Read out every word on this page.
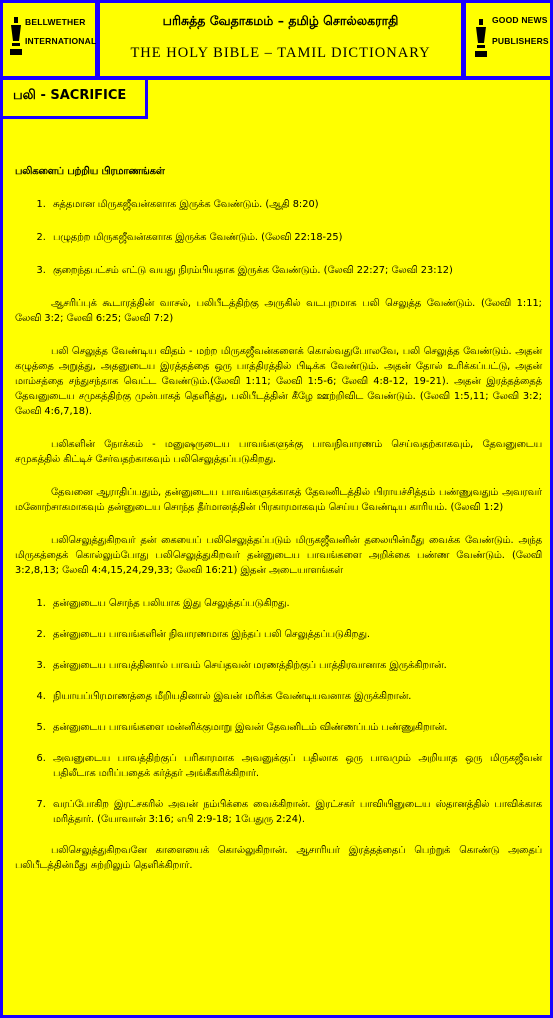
BELLWETHER
INTERNATIONAL
பரிசுத்த வேதாகமம் – தமிழ் சொல்லகராதி
THE HOLY BIBLE – TAMIL DICTIONARY
GOOD NEWS
PUBLISHERS
பலி - SACRIFICE
பலிகளைப் பற்றிய பிரமாணங்கள்
1. சுத்தமான மிருகஜீவன்களாக இருக்க வேண்டும். (ஆதி 8:20)
2. பழுதற்ற மிருகஜீவன்களாக இருக்க வேண்டும். (லேவி 22:18-25)
3. குறைந்தபட்சம் எட்டு வயது நிரம்பியதாக இருக்க வேண்டும். (லேவி 22:27; லேவி 23:12)

ஆசரிப்புக் கூடாரத்தின் வாசல், பலிபீடத்திற்கு அருகில் வடபுறமாக பலி செலுத்த வேண்டும். (லேவி 1:11; லேவி 3:2; லேவி 6:25; லேவி 7:2)

பலி செலுத்த வேண்டிய விதம் - மற்ற மிருகஜீவன்களைக் கொல்வதுபோலவே, பலி செலுத்த வேண்டும். அதன் கழுத்தை அறுத்து, அதனுடைய இரத்தத்தை ஒரு பாத்திரத்தில் பிடிக்க வேண்டும். அதன் தோல் உரிக்கப்பட்டு, அதன் மாம்சத்தை சந்துசந்தாக வெட்ட வேண்டும்.(லேவி 1:11; லேவி 1:5-6; லேவி 4:8-12, 19-21). அதன் இரத்தத்தைத் தேவனுடைய சமுகத்திற்கு முன்பாகத் தெளித்து, பலிபீடத்தின் கீழே ஊற்றிவிட வேண்டும். (லேவி 1:5,11; லேவி 3:2; லேவி 4:6,7,18).

பலிகளின் நோக்கம் - மனுஷருடைய பாவங்களுக்கு பாவநிவாரணம் செய்வதற்காகவும், தேவனுடைய சமுகத்தில் கிட்டிச் சேர்வதற்காகவும் பலிசெலுத்தப்படுகிறது.

தேவனை ஆராதிப்பதும், தன்னுடைய பாவங்களுக்காகத் தேவனிடத்தில் பிராயச்சித்தம் பண்ணுவதும் அவரவர் மனோற்சாகமாகவும் தன்னுடைய சொந்த தீர்மானத்தின் பிரகாரமாகவும் செய்ய வேண்டிய காரியம். (லேவி 1:2)

பலிசெலுத்துகிறவர் தன் கையைப் பலிசெலுத்தப்படும் மிருகஜீவனின் தலையின்மீது வைக்க வேண்டும். அந்த மிருகத்தைக் கொல்லும்போது பலிசெலுத்துகிறவர் தன்னுடைய பாவங்களை அறிக்கை பண்ண வேண்டும். (லேவி 3:2,8,13; லேவி 4:4,15,24,29,33; லேவி 16:21) இதன் அடையாளங்கள்

1. தன்னுடைய சொந்த பலியாக இது செலுத்தப்படுகிறது.
2. தன்னுடைய பாவங்களின் நிவாரணமாக இந்தப் பலி செலுத்தப்படுகிறது.
3. தன்னுடைய பாவத்தினால் பாவம் செய்தவன் மரணத்திற்குப் பாத்திரவானாக இருக்கிறான்.
4. நியாயப்பிரமாணத்தை மீறியதினால் இவன் மரிக்க வேண்டியவனாக இருக்கிறான்.
5. தன்னுடைய பாவங்களை மன்னிக்குமாறு இவன் தேவனிடம் விண்ணப்பம் பண்ணுகிறான்.
6. அவனுடைய பாவத்திற்குப் பரிகாரமாக அவனுக்குப் பதிலாக ஒரு பாவமும் அறியாத ஒரு மிருகஜீவன் பதிலீடாக மரிப்பதைக் கர்த்தர் அங்கீகரிக்கிறார்.
7. வரப்போகிற இரட்சகரில் அவன் நம்பிக்கை வைக்கிறான். இரட்சகர் பாவியினுடைய ஸ்தானத்தில் பாவிக்காக மரித்தார். (யோவான் 3:16; எபி 2:9-18; 1பேதுரு 2:24).

பலிசெலுத்துகிறவனே காளையைக் கொல்லுகிறான். ஆசாரியர் இரத்தத்தைப் பெற்றுக் கொண்டு அதைப் பலிபீடத்தின்மீது சுற்றிலும் தெளிக்கிறார்.
